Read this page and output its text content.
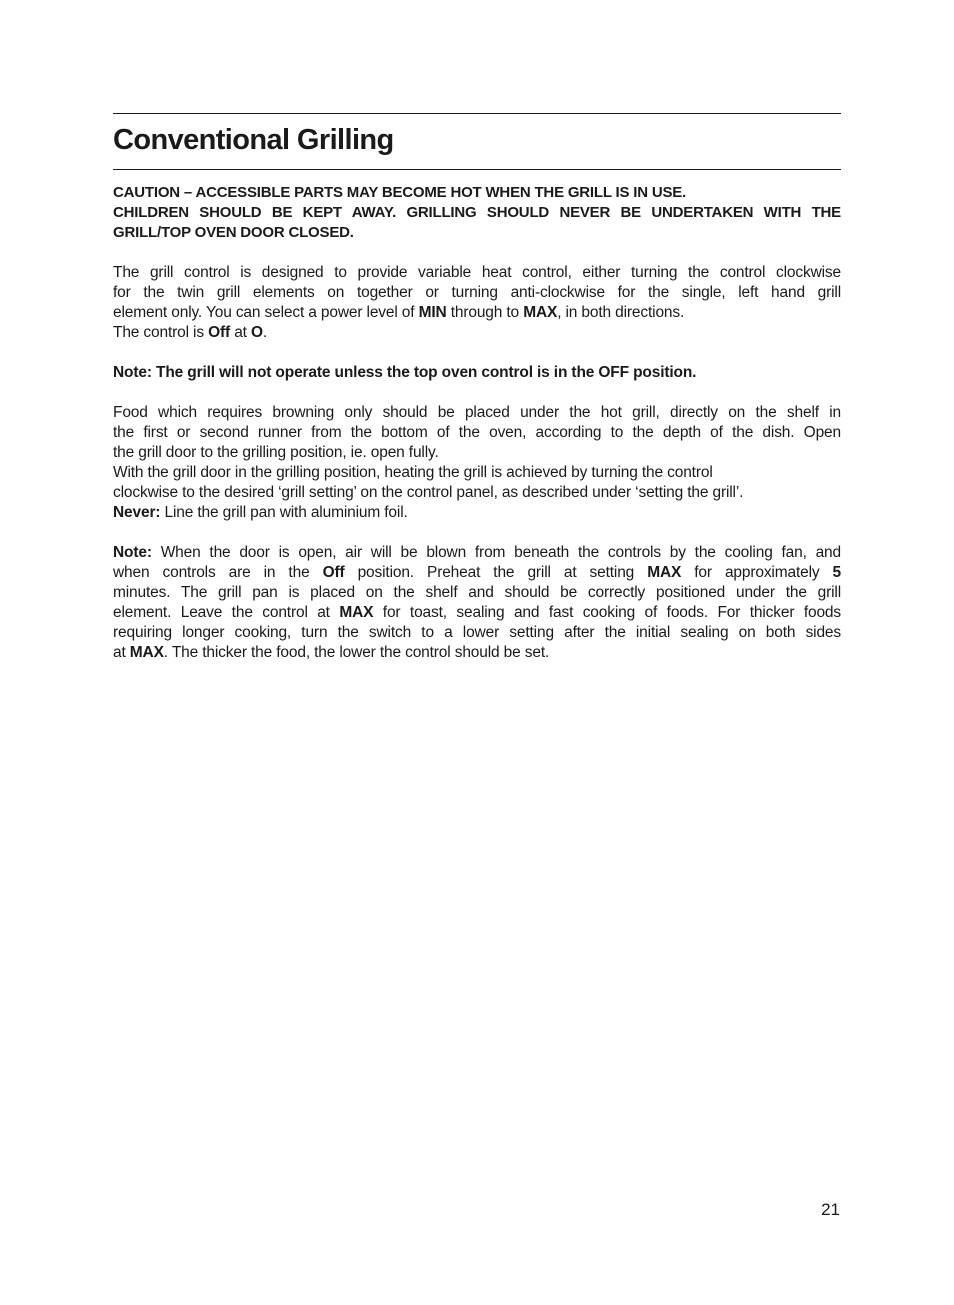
Conventional Grilling

CAUTION – ACCESSIBLE PARTS MAY BECOME HOT WHEN THE GRILL IS IN USE.
CHILDREN SHOULD BE KEPT AWAY. GRILLING SHOULD NEVER BE UNDERTAKEN WITH THE
GRILL/TOP OVEN DOOR CLOSED.

The grill control is designed to provide variable heat control, either turning the control clockwise
for the twin grill elements on together or turning anti-clockwise for the single, left hand grill
element only. You can select a power level of MIN through to MAX, in both directions.
The control is Off at O.

Note: The grill will not operate unless the top oven control is in the OFF position.

Food which requires browning only should be placed under the hot grill, directly on the shelf in
the first or second runner from the bottom of the oven, according to the depth of the dish. Open
the grill door to the grilling position, ie. open fully.
With the grill door in the grilling position, heating the grill is achieved by turning the control
clockwise to the desired ‘grill setting’ on the control panel, as described under ‘setting the grill’.
Never: Line the grill pan with aluminium foil.

Note: When the door is open, air will be blown from beneath the controls by the cooling fan, and
when controls are in the Off position. Preheat the grill at setting MAX for approximately 5
minutes. The grill pan is placed on the shelf and should be correctly positioned under the grill
element. Leave the control at MAX for toast, sealing and fast cooking of foods. For thicker foods
requiring longer cooking, turn the switch to a lower setting after the initial sealing on both sides
at MAX. The thicker the food, the lower the control should be set.

21
